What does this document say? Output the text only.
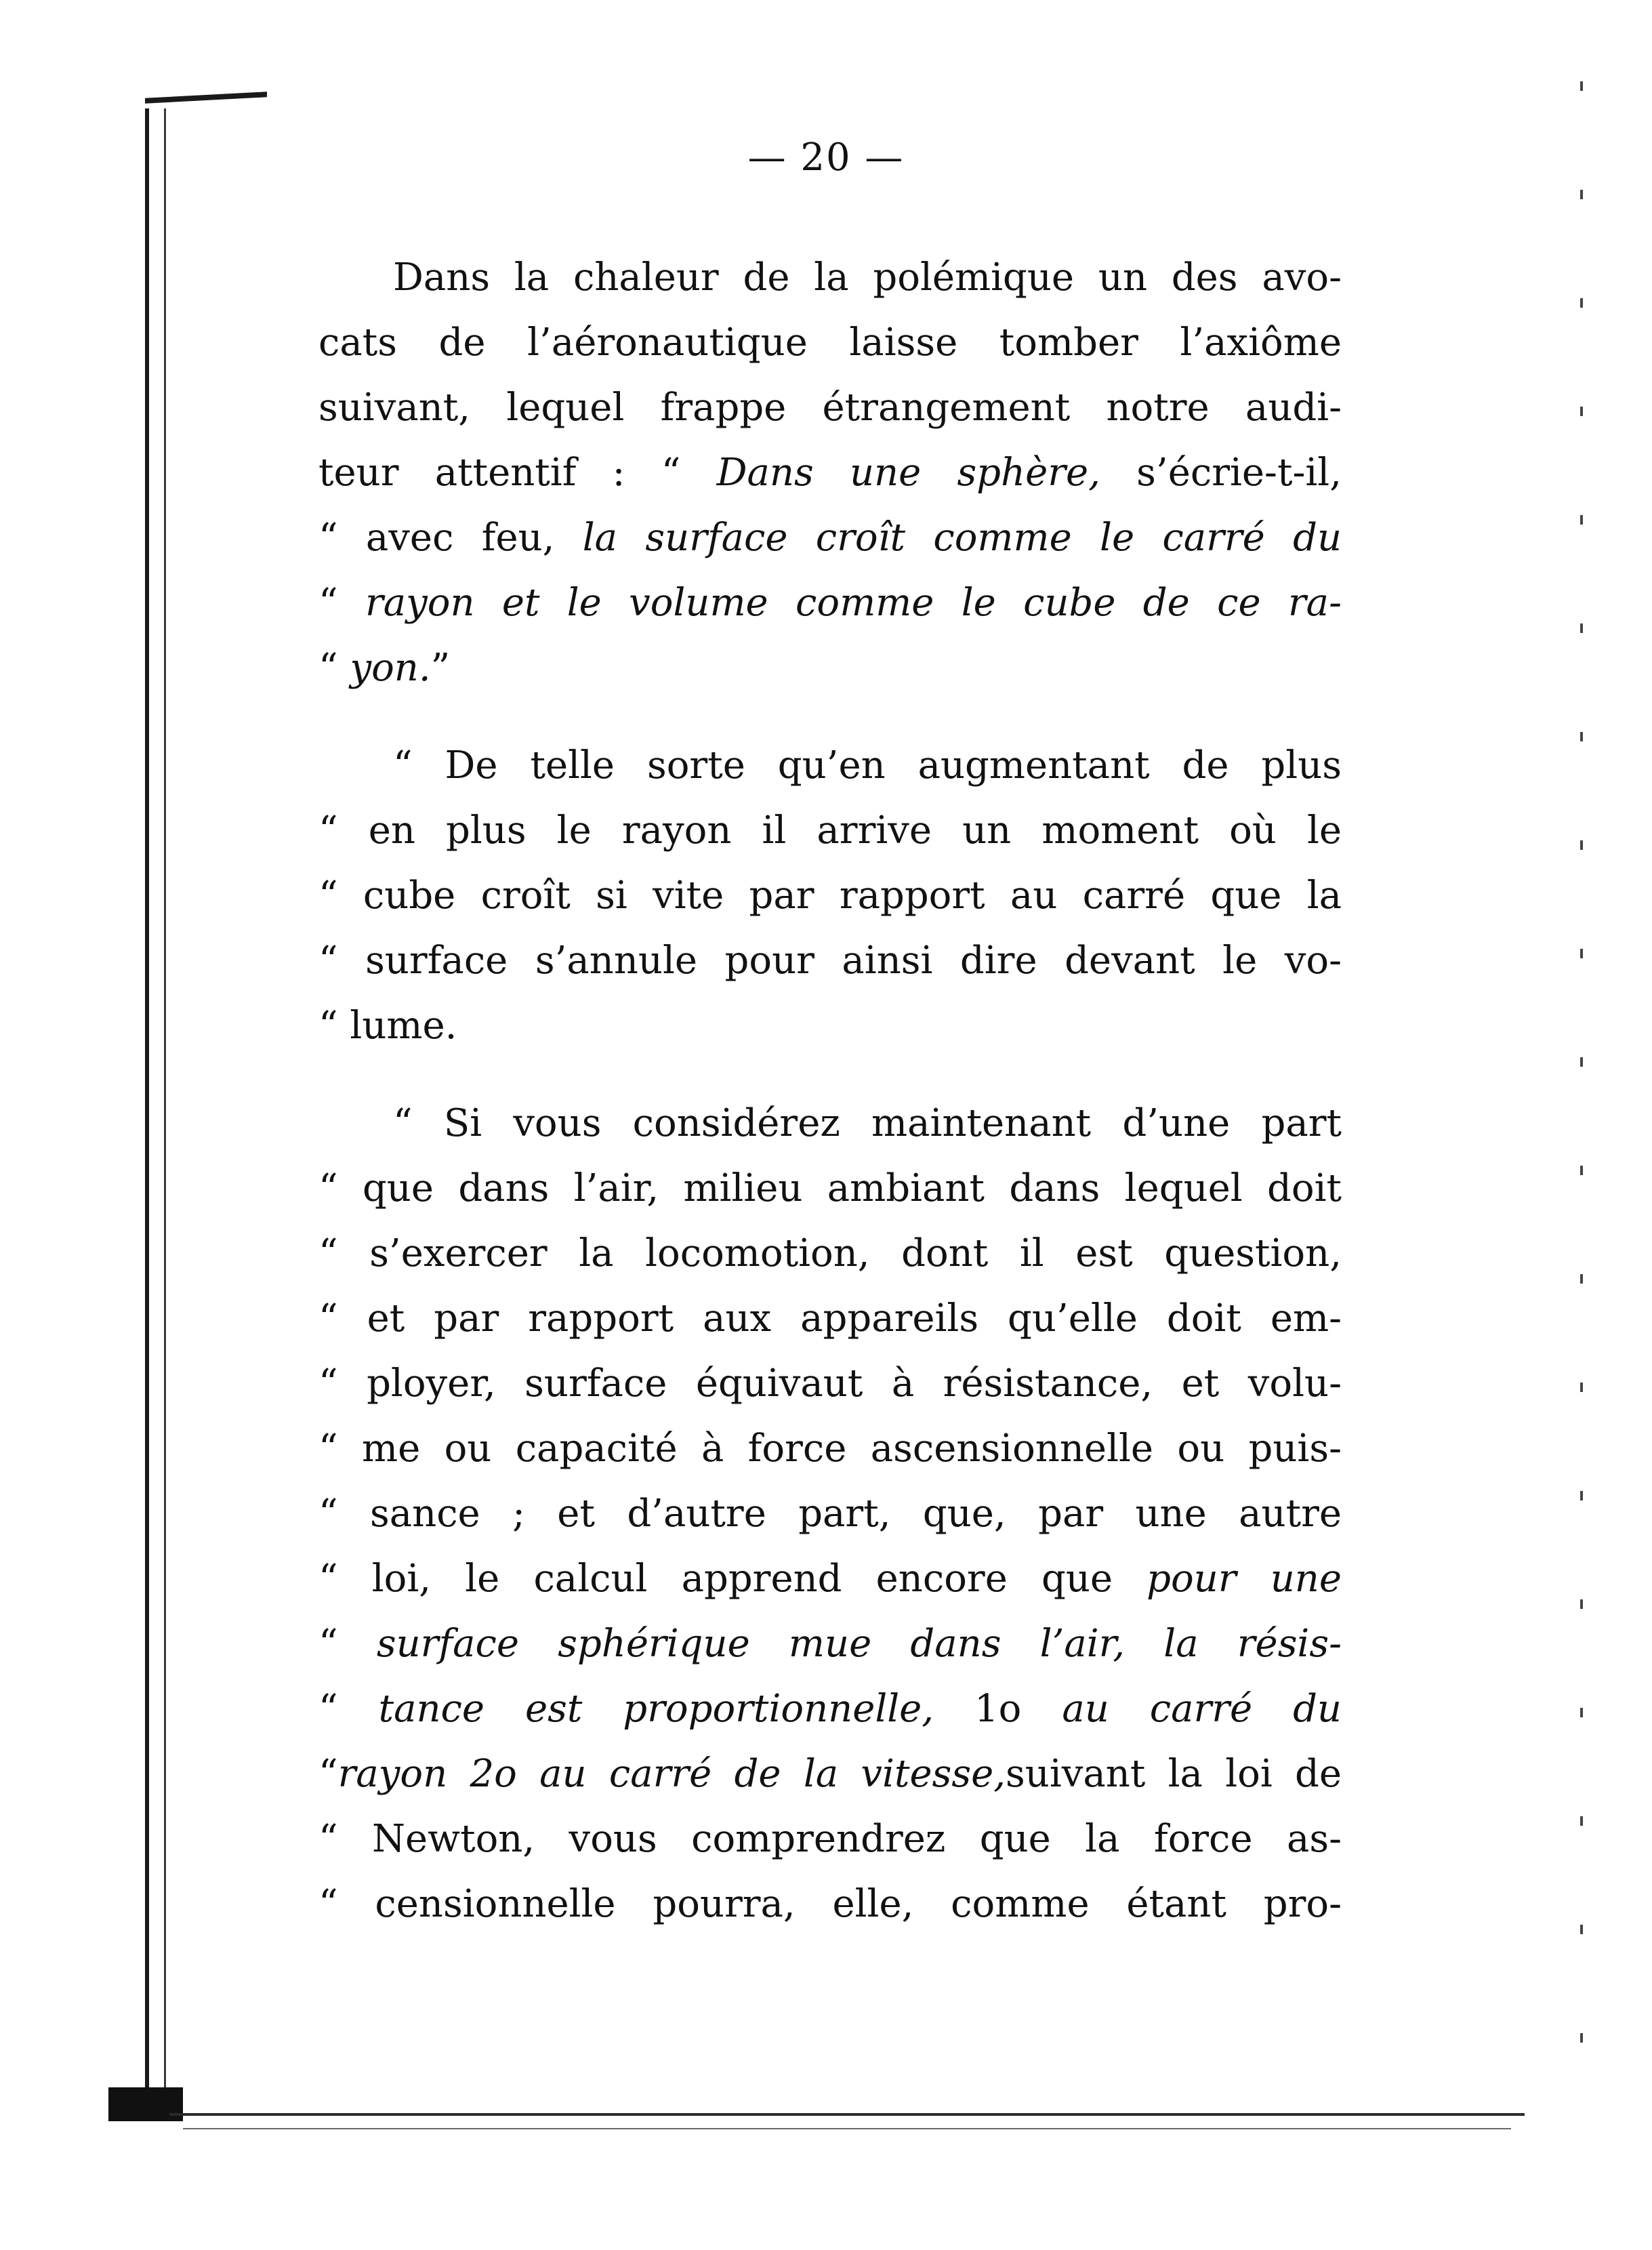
— 20 —
Dans la chaleur de la polémique un des avo-
cats de l’aéronautique laisse tomber l’axiôme
suivant, lequel frappe étrangement notre audi-
teur attentif : “ Dans une sphère, s’écrie-t-il,
“ avec feu, la surface croît comme le carré du
“ rayon et le volume comme le cube de ce ra-
“ yon.”
“ De telle sorte qu’en augmentant de plus
“ en plus le rayon il arrive un moment où le
“ cube croît si vite par rapport au carré que la
“ surface s’annule pour ainsi dire devant le vo-
“ lume.
“ Si vous considérez maintenant d’une part
“ que dans l’air, milieu ambiant dans lequel doit
“ s’exercer la locomotion, dont il est question,
“ et par rapport aux appareils qu’elle doit em-
“ ployer, surface équivaut à résistance, et volu-
“ me ou capacité à force ascensionnelle ou puis-
“ sance ; et d’autre part, que, par une autre
“ loi, le calcul apprend encore que pour une
“ surface sphérique mue dans l’air, la résis-
“ tance est proportionnelle, 1o au carré du
“rayon 2o au carré de la vitesse,suivant la loi de
“ Newton, vous comprendrez que la force as-
“ censionnelle pourra, elle, comme étant pro-
